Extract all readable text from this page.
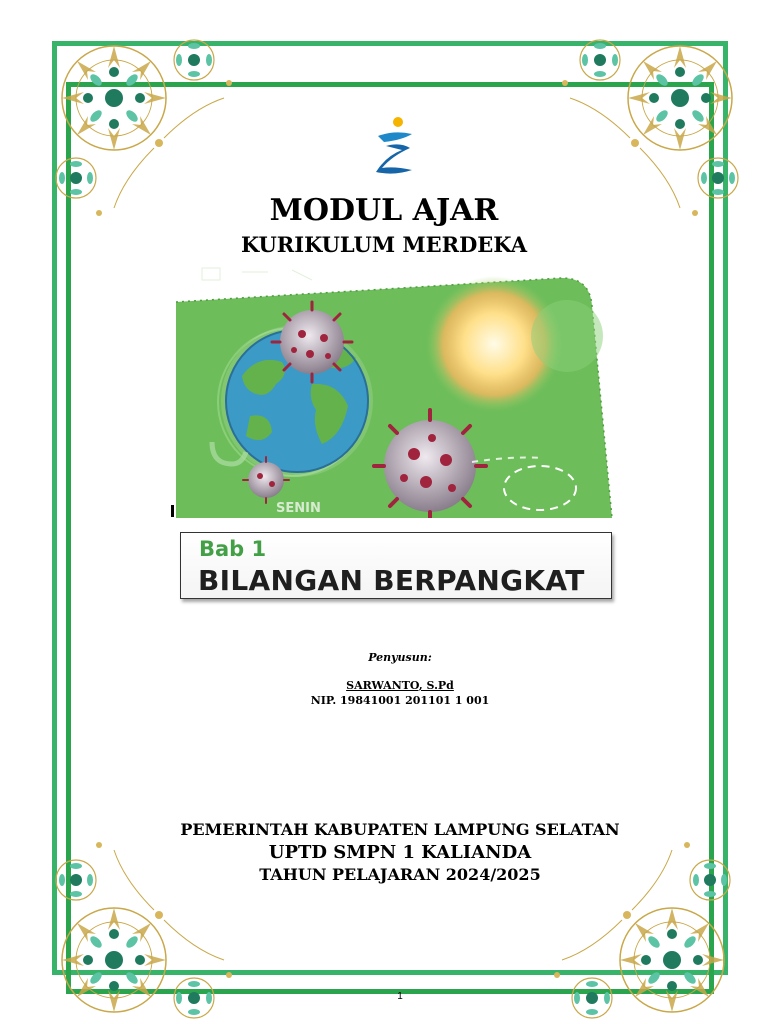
MODUL AJAR
KURIKULUM MERDEKA
SENIN
Bab 1
BILANGAN BERPANGKAT
Penyusun:
SARWANTO, S.Pd
NIP. 19841001 201101 1 001
PEMERINTAH KABUPATEN LAMPUNG SELATAN
UPTD SMPN 1 KALIANDA
TAHUN PELAJARAN 2024/2025
1
